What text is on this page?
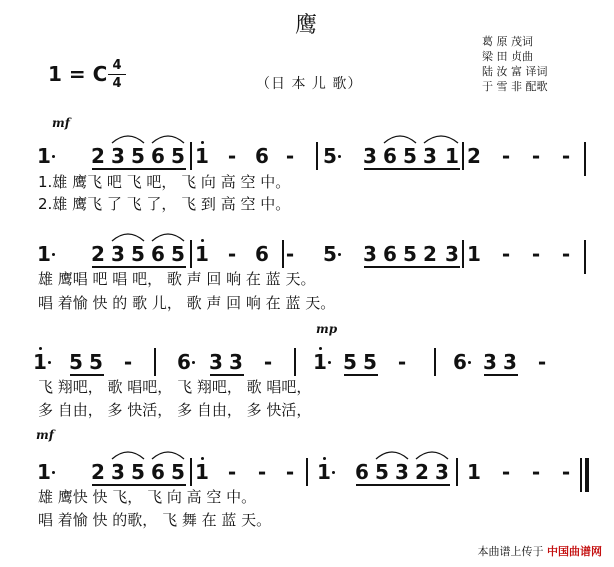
鹰
1 = C 4
4	（日 本 儿 歌）
葛 原 茂词
梁 田 贞曲
陆 汝 富 译词
于 雪 非 配歌
mf
mp
mf
1 2 3 5 6 5 1 - 6 - 5 3 6 5 3 1 2 - - -
1 2 3 5 6 5 1 - 6 - 5 3 6 5 2 3 1 - - -
1 5 5 - 6 3 3 - 1 5 5 - 6 3 3 -
1 2 3 5 6 5 1 - - - 1 6 5 3 2 3 1 - - -
1.雄 鹰飞 吧 飞 吧， 飞 向 高 空 中。
2.雄 鹰飞 了 飞 了， 飞 到 高 空 中。
雄 鹰唱 吧 唱 吧， 歌 声 回 响 在 蓝 天。
唱 着愉 快 的 歌 儿， 歌 声 回 响 在 蓝 天。
飞 翔吧， 歌 唱吧， 飞 翔吧， 歌 唱吧，
多 自由， 多 快活， 多 自由， 多 快活，
雄 鹰快 快 飞， 飞 向 高 空 中。
唱 着愉 快 的歌， 飞 舞 在 蓝 天。
本曲谱上传于 中国曲谱网
